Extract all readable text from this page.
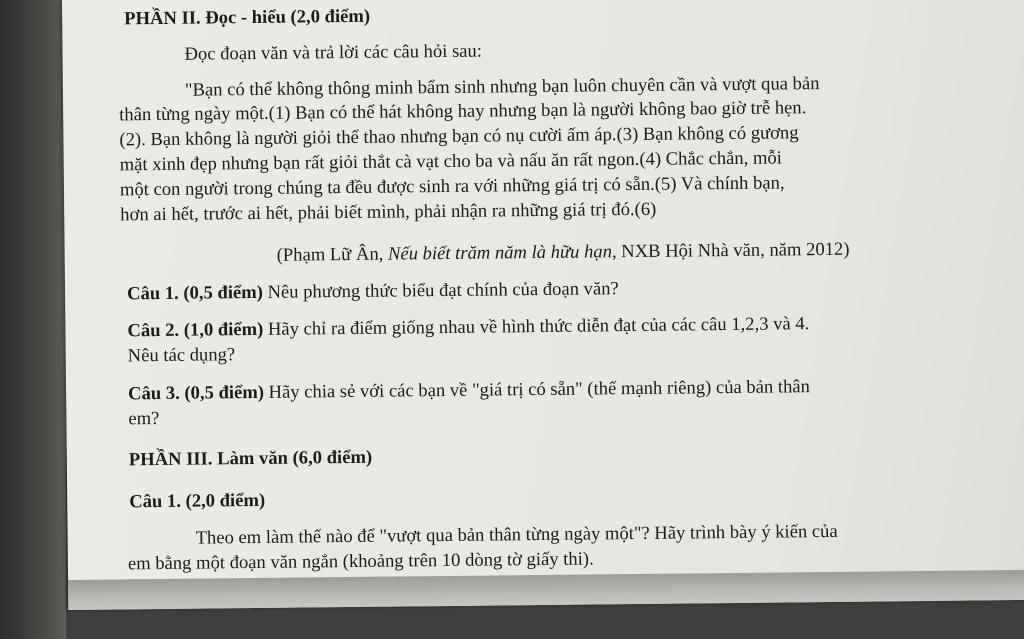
PHẦN II. Đọc - hiểu (2,0 điểm)
Đọc đoạn văn và trả lời các câu hỏi sau:
"Bạn có thể không thông minh bẩm sinh nhưng bạn luôn chuyên cần và vượt qua bản
thân từng ngày một.(1) Bạn có thể hát không hay nhưng bạn là người không bao giờ trễ hẹn.
(2). Bạn không là người giỏi thể thao nhưng bạn có nụ cười ấm áp.(3) Bạn không có gương
mặt xinh đẹp nhưng bạn rất giỏi thắt cà vạt cho ba và nấu ăn rất ngon.(4) Chắc chắn, mỗi
một con người trong chúng ta đều được sinh ra với những giá trị có sẵn.(5) Và chính bạn,
hơn ai hết, trước ai hết, phải biết mình, phải nhận ra những giá trị đó.(6)
(Phạm Lữ Ân, Nếu biết trăm năm là hữu hạn, NXB Hội Nhà văn, năm 2012)
Câu 1. (0,5 điểm) Nêu phương thức biểu đạt chính của đoạn văn?
Câu 2. (1,0 điểm) Hãy chỉ ra điểm giống nhau về hình thức diễn đạt của các câu 1,2,3 và 4.
Nêu tác dụng?
Câu 3. (0,5 điểm) Hãy chia sẻ với các bạn về "giá trị có sẵn" (thế mạnh riêng) của bản thân
em?
PHẦN III. Làm văn (6,0 điểm)
Câu 1. (2,0 điểm)
Theo em làm thế nào để "vượt qua bản thân từng ngày một"? Hãy trình bày ý kiến của
em bằng một đoạn văn ngắn (khoảng trên 10 dòng tờ giấy thi).
